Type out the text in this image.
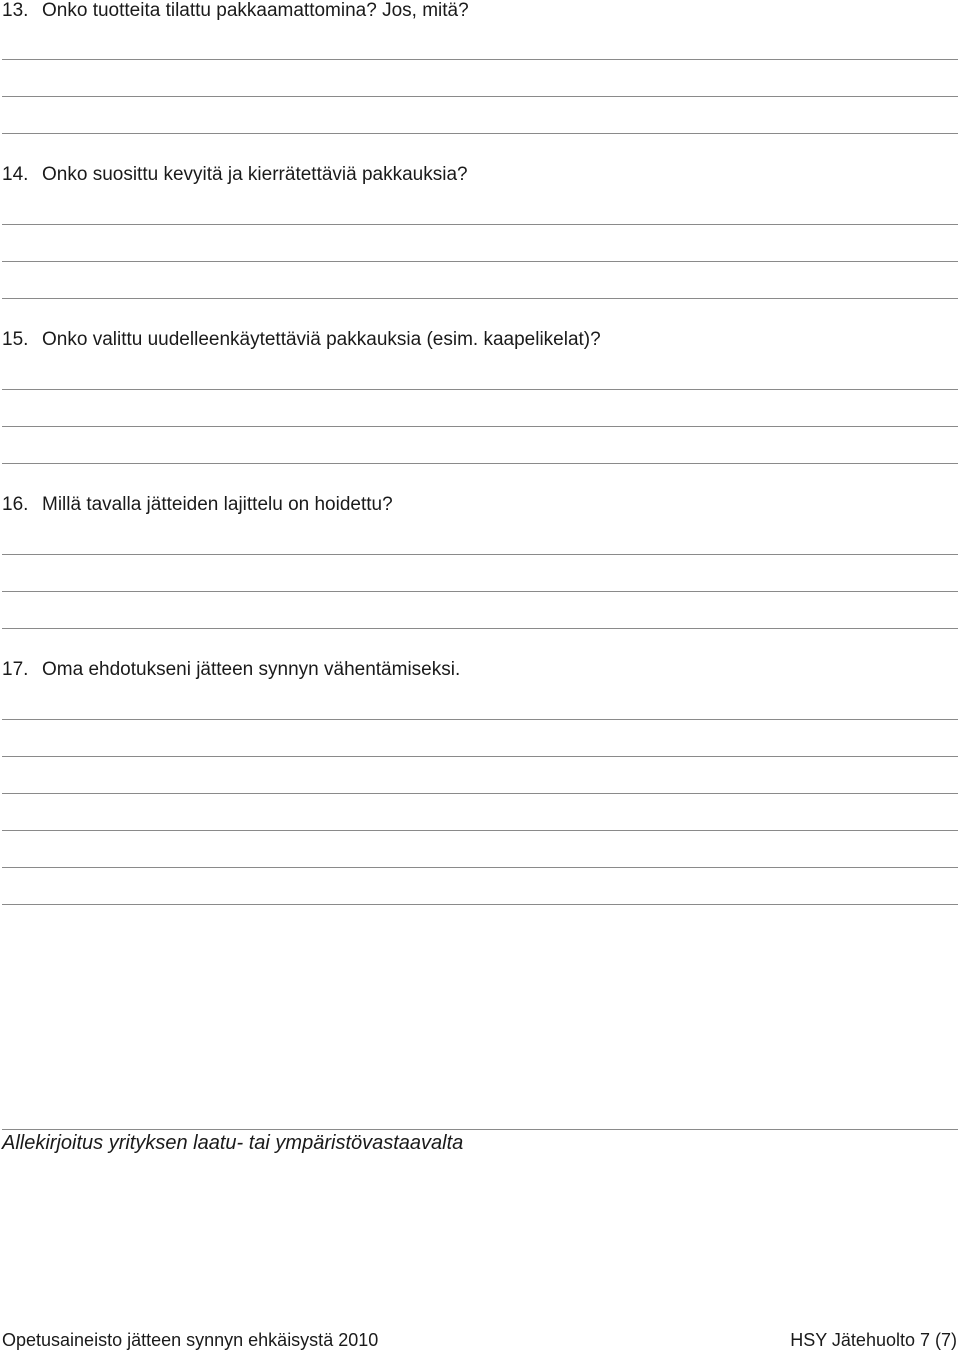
13. Onko tuotteita tilattu pakkaamattomina? Jos, mitä?
14. Onko suosittu kevyitä ja kierrätettäviä pakkauksia?
15. Onko valittu uudelleenkäytettäviä pakkauksia (esim. kaapelikelat)?
16. Millä tavalla jätteiden lajittelu on hoidettu?
17. Oma ehdotukseni jätteen synnyn vähentämiseksi.
Allekirjoitus yrityksen laatu- tai ympäristövastaavalta
Opetusaineisto jätteen synnyn ehkäisystä 2010	HSY Jätehuolto 7 (7)
